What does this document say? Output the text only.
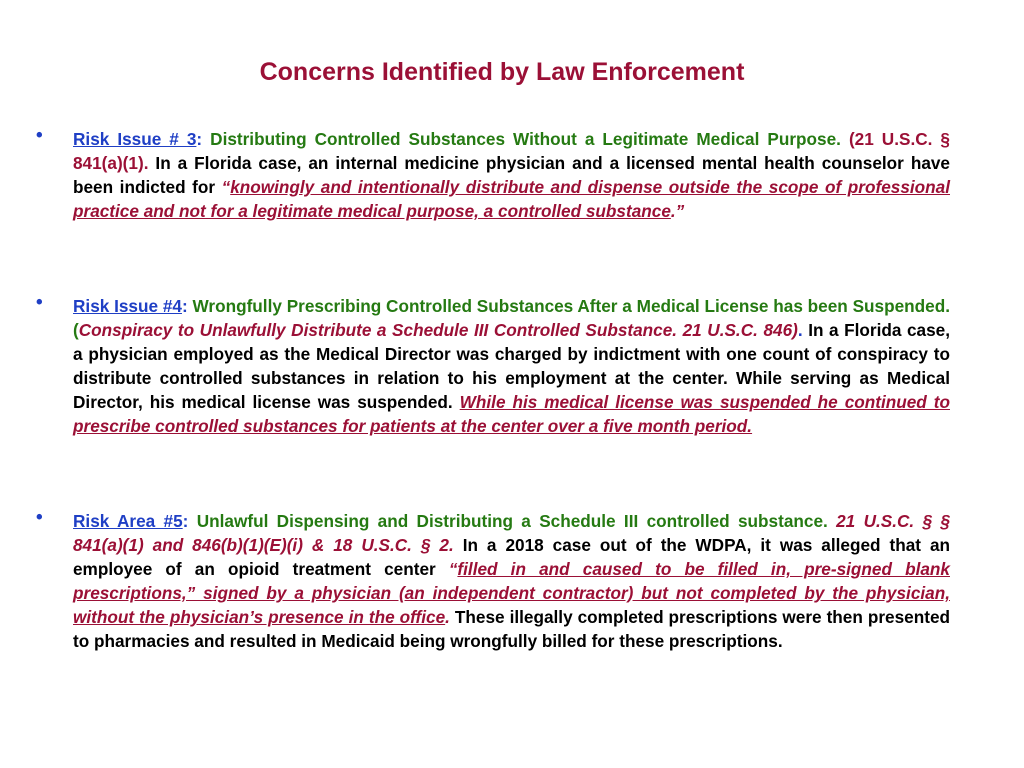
Concerns Identified by Law Enforcement
• Risk Issue # 3: Distributing Controlled Substances Without a Legitimate Medical Purpose. (21 U.S.C. § 841(a)(1). In a Florida case, an internal medicine physician and a licensed mental health counselor have been indicted for “knowingly and intentionally distribute and dispense outside the scope of professional practice and not for a legitimate medical purpose, a controlled substance.”

• Risk Issue #4: Wrongfully Prescribing Controlled Substances After a Medical License has been Suspended. (Conspiracy to Unlawfully Distribute a Schedule III Controlled Substance. 21 U.S.C. 846). In a Florida case, a physician employed as the Medical Director was charged by indictment with one count of conspiracy to distribute controlled substances in relation to his employment at the center. While serving as Medical Director, his medical license was suspended. While his medical license was suspended he continued to prescribe controlled substances for patients at the center over a five month period.

• Risk Area #5: Unlawful Dispensing and Distributing a Schedule III controlled substance. 21 U.S.C. § § 841(a)(1) and 846(b)(1)(E)(i) & 18 U.S.C. § 2. In a 2018 case out of the WDPA, it was alleged that an employee of an opioid treatment center “filled in and caused to be filled in, pre-signed blank prescriptions,” signed by a physician (an independent contractor) but not completed by the physician, without the physician’s presence in the office. These illegally completed prescriptions were then presented to pharmacies and resulted in Medicaid being wrongfully billed for these prescriptions.
